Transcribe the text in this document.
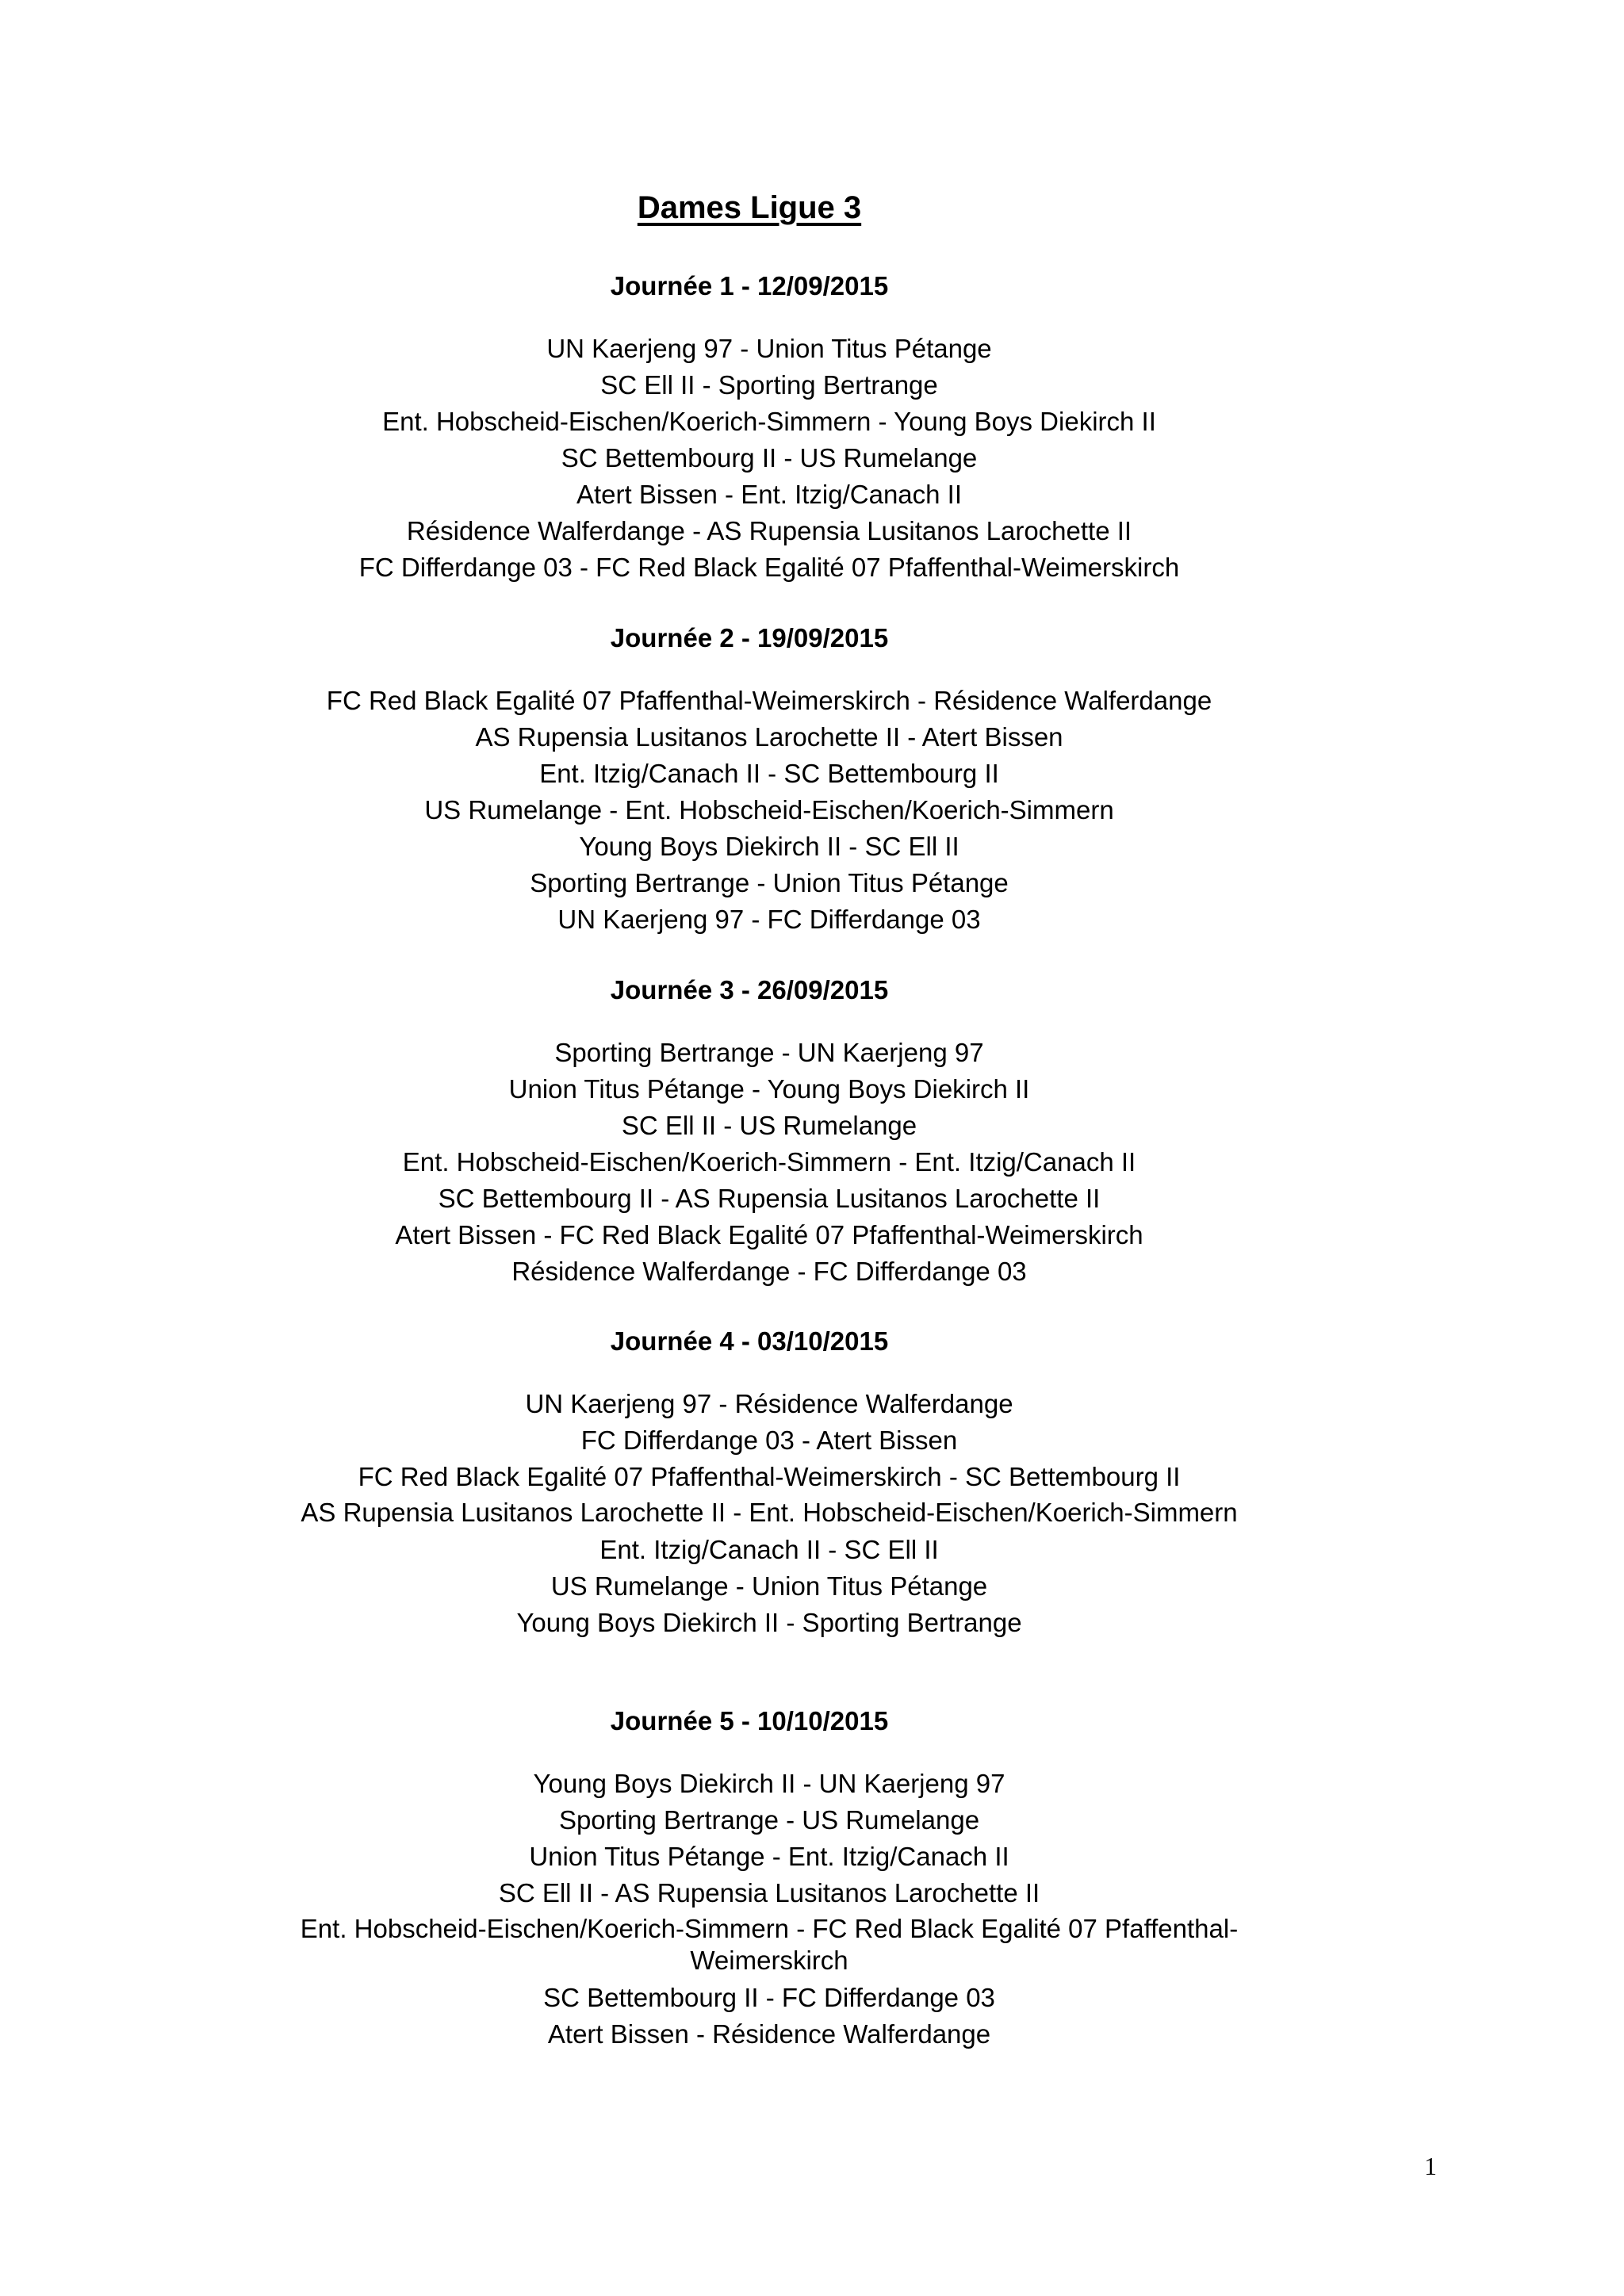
Dames Ligue 3
Journée 1 - 12/09/2015
UN Kaerjeng 97 - Union Titus Pétange
SC Ell II - Sporting Bertrange
Ent. Hobscheid-Eischen/Koerich-Simmern - Young Boys Diekirch II
SC Bettembourg II - US Rumelange
Atert Bissen - Ent. Itzig/Canach II
Résidence Walferdange - AS Rupensia Lusitanos Larochette II
FC Differdange 03 - FC Red Black Egalité 07 Pfaffenthal-Weimerskirch
Journée 2 - 19/09/2015
FC Red Black Egalité 07 Pfaffenthal-Weimerskirch - Résidence Walferdange
AS Rupensia Lusitanos Larochette II - Atert Bissen
Ent. Itzig/Canach II - SC Bettembourg II
US Rumelange - Ent. Hobscheid-Eischen/Koerich-Simmern
Young Boys Diekirch II - SC Ell II
Sporting Bertrange - Union Titus Pétange
UN Kaerjeng 97 - FC Differdange 03
Journée 3 - 26/09/2015
Sporting Bertrange - UN Kaerjeng 97
Union Titus Pétange - Young Boys Diekirch II
SC Ell II - US Rumelange
Ent. Hobscheid-Eischen/Koerich-Simmern - Ent. Itzig/Canach II
SC Bettembourg II - AS Rupensia Lusitanos Larochette II
Atert Bissen - FC Red Black Egalité 07 Pfaffenthal-Weimerskirch
Résidence Walferdange - FC Differdange 03
Journée 4 - 03/10/2015
UN Kaerjeng 97 - Résidence Walferdange
FC Differdange 03 - Atert Bissen
FC Red Black Egalité 07 Pfaffenthal-Weimerskirch - SC Bettembourg II
AS Rupensia Lusitanos Larochette II - Ent. Hobscheid-Eischen/Koerich-Simmern
Ent. Itzig/Canach II - SC Ell II
US Rumelange - Union Titus Pétange
Young Boys Diekirch II - Sporting Bertrange
Journée 5 - 10/10/2015
Young Boys Diekirch II - UN Kaerjeng 97
Sporting Bertrange - US Rumelange
Union Titus Pétange - Ent. Itzig/Canach II
SC Ell II - AS Rupensia Lusitanos Larochette II
Ent. Hobscheid-Eischen/Koerich-Simmern - FC Red Black Egalité 07 Pfaffenthal-Weimerskirch
SC Bettembourg II - FC Differdange 03
Atert Bissen - Résidence Walferdange
1
